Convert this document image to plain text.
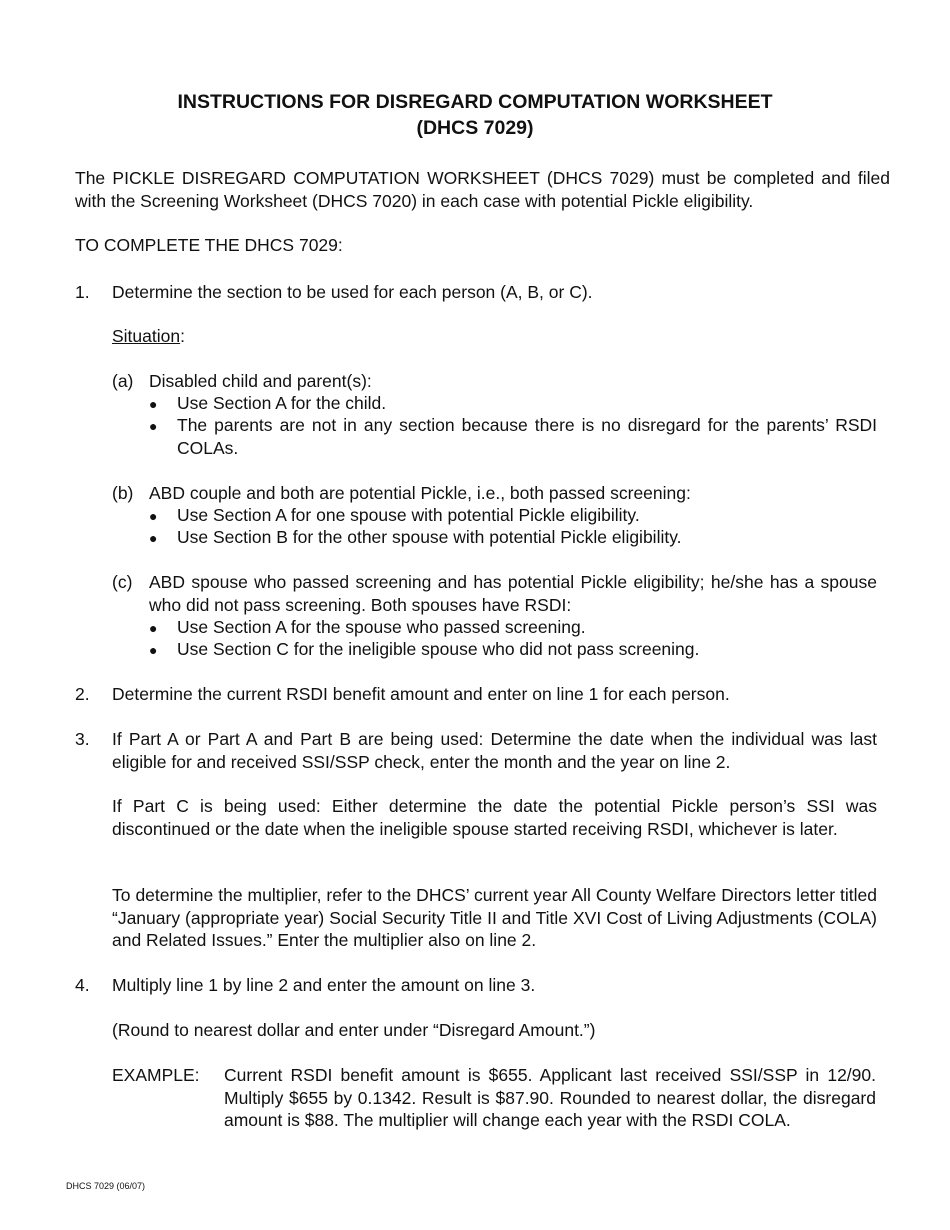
INSTRUCTIONS FOR DISREGARD COMPUTATION WORKSHEET
(DHCS 7029)
The PICKLE DISREGARD COMPUTATION WORKSHEET (DHCS 7029) must be completed and filed with the Screening Worksheet (DHCS 7020) in each case with potential Pickle eligibility.
TO COMPLETE THE DHCS 7029:
1. Determine the section to be used for each person (A, B, or C).
Situation:
(a) Disabled child and parent(s):
● Use Section A for the child.
● The parents are not in any section because there is no disregard for the parents’ RSDI COLAs.
(b) ABD couple and both are potential Pickle, i.e., both passed screening:
● Use Section A for one spouse with potential Pickle eligibility.
● Use Section B for the other spouse with potential Pickle eligibility.
(c) ABD spouse who passed screening and has potential Pickle eligibility; he/she has a spouse who did not pass screening. Both spouses have RSDI:
● Use Section A for the spouse who passed screening.
● Use Section C for the ineligible spouse who did not pass screening.
2. Determine the current RSDI benefit amount and enter on line 1 for each person.
3. If Part A or Part A and Part B are being used: Determine the date when the individual was last eligible for and received SSI/SSP check, enter the month and the year on line 2.
If Part C is being used: Either determine the date the potential Pickle person’s SSI was discontinued or the date when the ineligible spouse started receiving RSDI, whichever is later.
To determine the multiplier, refer to the DHCS’ current year All County Welfare Directors letter titled “January (appropriate year) Social Security Title II and Title XVI Cost of Living Adjustments (COLA) and Related Issues.” Enter the multiplier also on line 2.
4. Multiply line 1 by line 2 and enter the amount on line 3.
(Round to nearest dollar and enter under “Disregard Amount.”)
EXAMPLE: Current RSDI benefit amount is $655. Applicant last received SSI/SSP in 12/90. Multiply $655 by 0.1342. Result is $87.90. Rounded to nearest dollar, the disregard amount is $88. The multiplier will change each year with the RSDI COLA.
DHCS 7029 (06/07)
